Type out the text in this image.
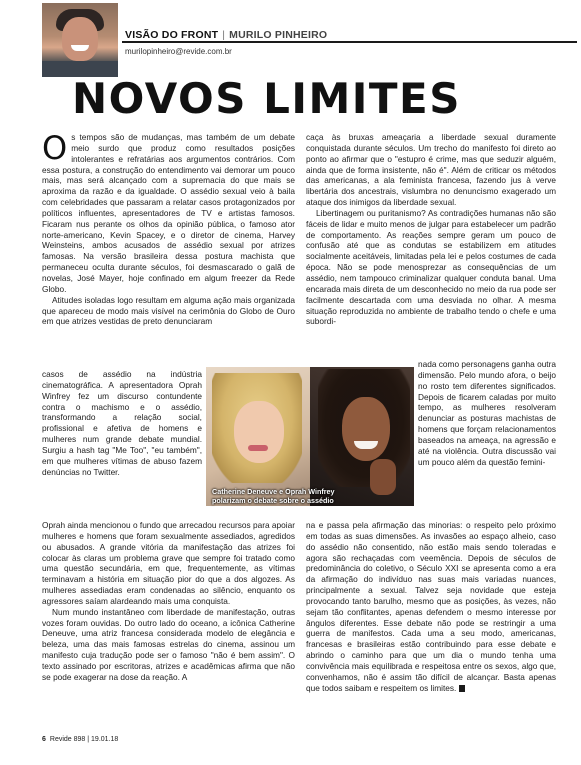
VISÃO DO FRONT | MURILO PINHEIRO
murilopinheiro@revide.com.br
NOVOS LIMITES

Os tempos são de mudanças, mas também de um debate meio surdo que produz como resultados posições intolerantes e refratárias aos argumentos contrários. Com essa postura, a construção do entendimento vai demorar um pouco mais, mas será alcançado com a supremacia do que mais se aproxima da razão e da igualdade. O assédio sexual veio à baila com celebridades que passaram a relatar casos protagonizados por políticos influentes, apresentadores de TV e artistas famosos. Ficaram nus perante os olhos da opinião pública, o famoso ator norte-americano, Kevin Spacey, e o diretor de cinema, Harvey Weinsteins, ambos acusados de assédio sexual por atrizes famosas. Na versão brasileira dessa postura machista que permaneceu oculta durante séculos, foi desmascarado o galã de novelas, José Mayer, hoje confinado em algum freezer da Rede Globo.

Atitudes isoladas logo resultam em alguma ação mais organizada que apareceu de modo mais visível na cerimônia do Globo de Ouro em que atrizes vestidas de preto denunciaram

casos de assédio na indústria cinematográfica. A apresentadora Oprah Winfrey fez um discurso contundente contra o machismo e o assédio, transformando a relação social, profissional e afetiva de homens e mulheres num grande debate mundial. Surgiu a hash tag "Me Too", "eu também", em que mulheres vítimas de abuso fazem denúncias no Twitter.

Catherine Deneuve e Oprah Winfrey polarizam o debate sobre o assédio

Oprah ainda mencionou o fundo que arrecadou recursos para apoiar mulheres e homens que foram sexualmente assediados, agredidos ou abusados. A grande vitória da manifestação das atrizes foi colocar às claras um problema grave que sempre foi tratado como uma questão secundária, em que, frequentemente, as vítimas terminavam a história em situação pior do que a dos algozes. As mulheres assediadas eram condenadas ao silêncio, enquanto os agressores saíam alardeando mais uma conquista.

Num mundo instantâneo com liberdade de manifestação, outras vozes foram ouvidas. Do outro lado do oceano, a icônica Catherine Deneuve, uma atriz francesa considerada modelo de elegância e beleza, uma das mais famosas estrelas do cinema, assinou um manifesto cuja tradução pode ser o famoso "não é bem assim". O texto assinado por escritoras, atrizes e acadêmicas afirma que não se pode exagerar na dose da reação. A

caça às bruxas ameaçaria a liberdade sexual duramente conquistada durante séculos. Um trecho do manifesto foi direto ao ponto ao afirmar que o "estupro é crime, mas que seduzir alguém, ainda que de forma insistente, não é". Além de criticar os métodos das americanas, a ala feminista francesa, fazendo jus à verve libertária dos ancestrais, vislumbra no denuncismo exagerado um ataque dos inimigos da liberdade sexual.

Libertinagem ou puritanismo? As contradições humanas não são fáceis de lidar e muito menos de julgar para estabelecer um padrão de comportamento. As reações sempre geram um pouco de confusão até que as condutas se estabilizem em atitudes socialmente aceitáveis, limitadas pela lei e pelos costumes de cada época. Não se pode menosprezar as consequências de um assédio, nem tampouco criminalizar qualquer conduta banal. Uma encarada mais direta de um desconhecido no meio da rua pode ser facilmente descartada com uma desviada no olhar. A mesma situação reproduzida no ambiente de trabalho tendo o chefe e uma subordi-

nada como personagens ganha outra dimensão. Pelo mundo afora, o beijo no rosto tem diferentes significados. Depois de ficarem caladas por muito tempo, as mulheres resolveram denunciar as posturas machistas de homens que forçam relacionamentos baseados na ameaça, na agressão e até na violência. Outra discussão vai um pouco além da questão femini-

na e passa pela afirmação das minorias: o respeito pelo próximo em todas as suas dimensões. As invasões ao espaço alheio, caso do assédio não consentido, não estão mais sendo toleradas e agora são rechaçadas com veemência. Depois de séculos de predominância do coletivo, o Século XXI se apresenta como a era da afirmação do indivíduo nas suas mais variadas nuances, principalmente a sexual. Talvez seja novidade que esteja provocando tanto barulho, mesmo que as posições, às vezes, não sejam tão conflitantes, apenas defendem o mesmo interesse por ângulos diferentes. Esse debate não pode se restringir a uma guerra de manifestos. Cada uma a seu modo, americanas, francesas e brasileiras estão contribuindo para esse debate e abrindo o caminho para que um dia o mundo tenha uma convivência mais equilibrada e respeitosa entre os sexos, algo que, convenhamos, não é assim tão difícil de alcançar. Basta apenas que todos saibam e respeitem os limites.

6 Revide 898 | 19.01.18
